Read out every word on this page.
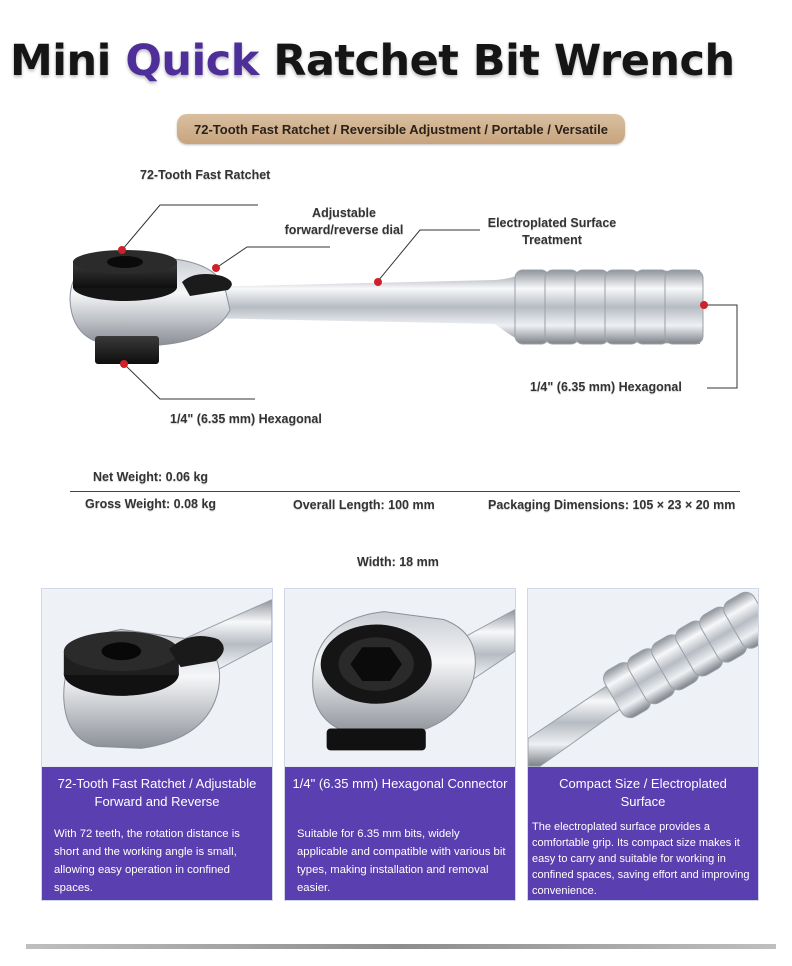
Mini Quick Ratchet Bit Wrench
72-Tooth Fast Ratchet / Reversible Adjustment / Portable / Versatile
72-Tooth Fast Ratchet
Adjustable
forward/reverse dial	Electroplated Surface
Treatment
1/4" (6.35 mm) Hexagonal
1/4" (6.35 mm) Hexagonal
Net Weight: 0.06 kg
Gross Weight: 0.08 kg	Overall Length: 100 mm	Packaging Dimensions: 105 × 23 × 20 mm
Width: 18 mm
72-Tooth Fast Ratchet / Adjustable
Forward and Reverse
With 72 teeth, the rotation distance is short and the working angle is small, allowing easy operation in confined spaces.
1/4" (6.35 mm) Hexagonal Connector
Suitable for 6.35 mm bits, widely applicable and compatible with various bit types, making installation and removal easier.
Compact Size / Electroplated
Surface
The electroplated surface provides a comfortable grip. Its compact size makes it easy to carry and suitable for working in confined spaces, saving effort and improving convenience.
